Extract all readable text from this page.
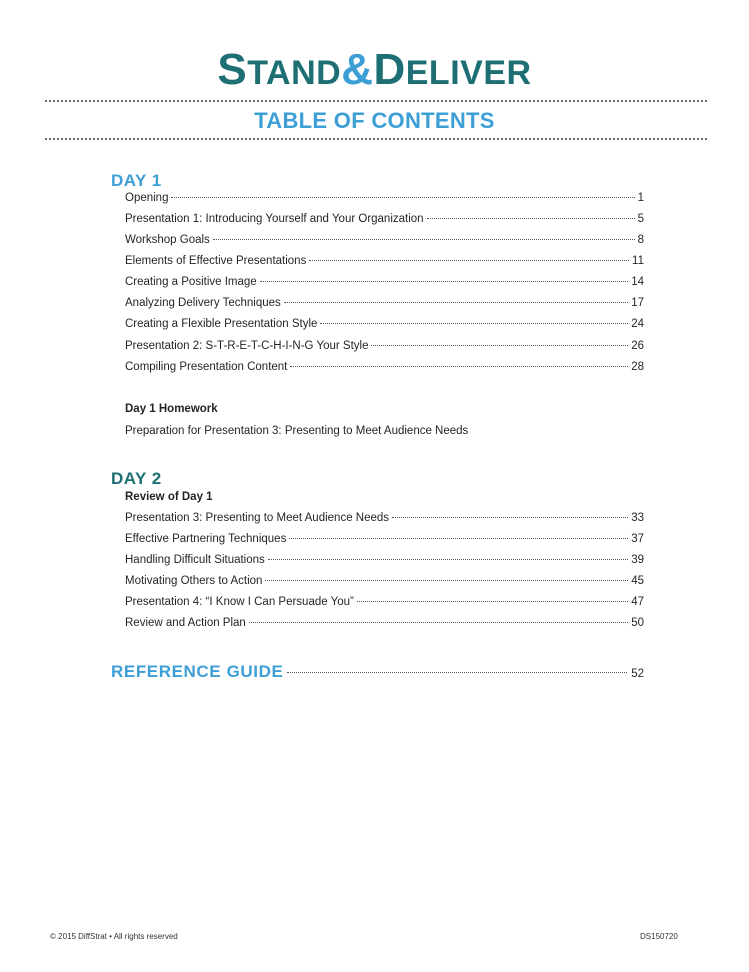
STAND&DELIVER
TABLE OF CONTENTS
DAY 1
Opening	1
Presentation 1: Introducing Yourself and Your Organization	5
Workshop Goals	8
Elements of Effective Presentations	11
Creating a Positive Image	14
Analyzing Delivery Techniques	17
Creating a Flexible Presentation Style	24
Presentation 2: S-T-R-E-T-C-H-I-N-G Your Style	26
Compiling Presentation Content	28
Day 1 Homework
Preparation for Presentation 3: Presenting to Meet Audience Needs
DAY 2
Review of Day 1
Presentation 3: Presenting to Meet Audience Needs	33
Effective Partnering Techniques	37
Handling Difficult Situations	39
Motivating Others to Action	45
Presentation 4: “I Know I Can Persuade You”	47
Review and Action Plan	50
REFERENCE GUIDE	52
© 2015 DiffStrat • All rights reserved	DS150720
